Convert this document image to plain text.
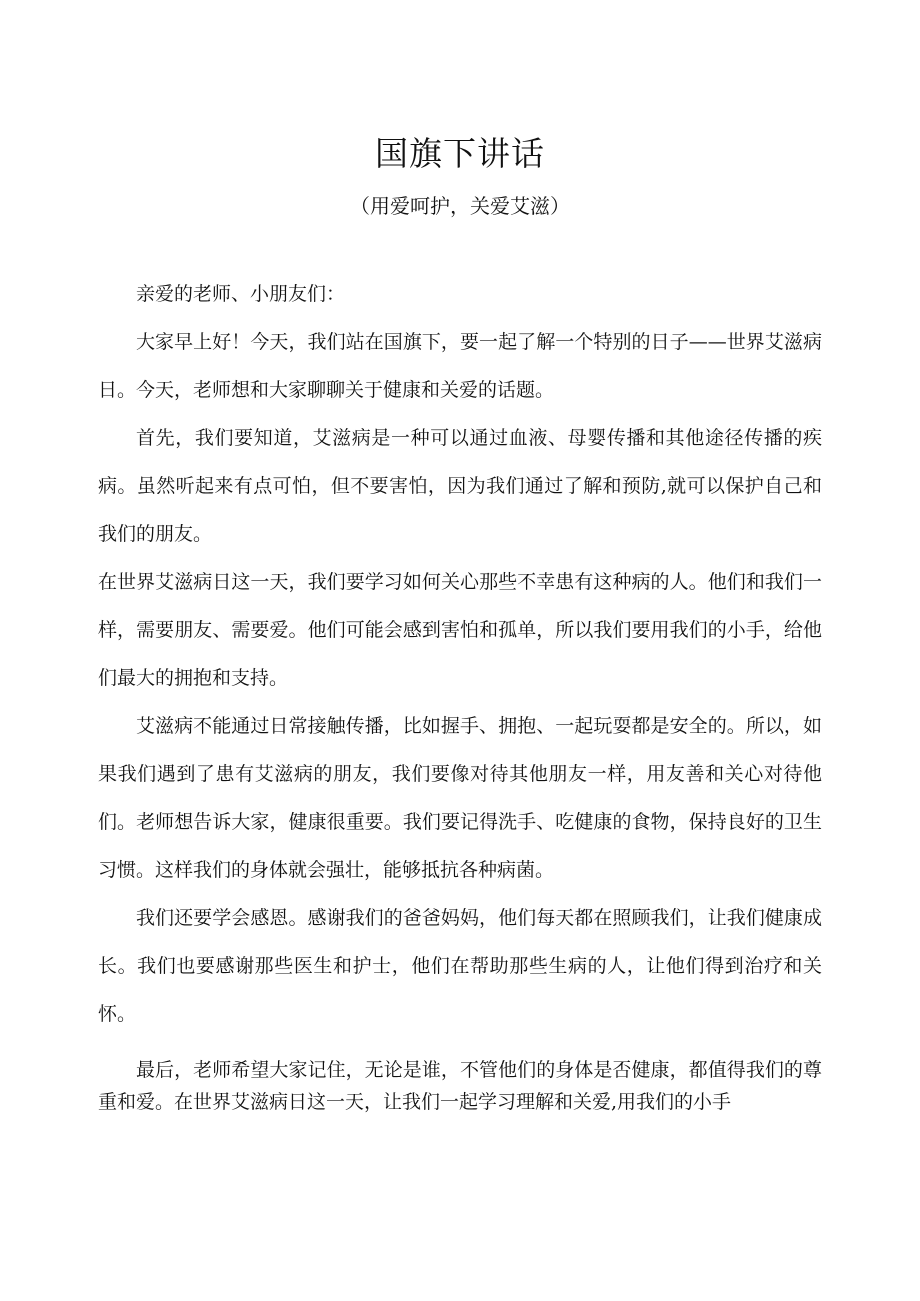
国旗下讲话
（用爱呵护，关爱艾滋）

亲爱的老师、小朋友们：

大家早上好！今天，我们站在国旗下，要一起了解一个特别的日子——世界艾滋病日。今天，老师想和大家聊聊关于健康和关爱的话题。

首先，我们要知道，艾滋病是一种可以通过血液、母婴传播和其他途径传播的疾病。虽然听起来有点可怕，但不要害怕，因为我们通过了解和预防,就可以保护自己和我们的朋友。

在世界艾滋病日这一天，我们要学习如何关心那些不幸患有这种病的人。他们和我们一样，需要朋友、需要爱。他们可能会感到害怕和孤单，所以我们要用我们的小手，给他们最大的拥抱和支持。

艾滋病不能通过日常接触传播，比如握手、拥抱、一起玩耍都是安全的。所以，如果我们遇到了患有艾滋病的朋友，我们要像对待其他朋友一样，用友善和关心对待他们。老师想告诉大家，健康很重要。我们要记得洗手、吃健康的食物，保持良好的卫生习惯。这样我们的身体就会强壮，能够抵抗各种病菌。

我们还要学会感恩。感谢我们的爸爸妈妈，他们每天都在照顾我们，让我们健康成长。我们也要感谢那些医生和护士，他们在帮助那些生病的人，让他们得到治疗和关怀。

最后，老师希望大家记住，无论是谁，不管他们的身体是否健康，都值得我们的尊重和爱。在世界艾滋病日这一天，让我们一起学习理解和关爱,用我们的小手
